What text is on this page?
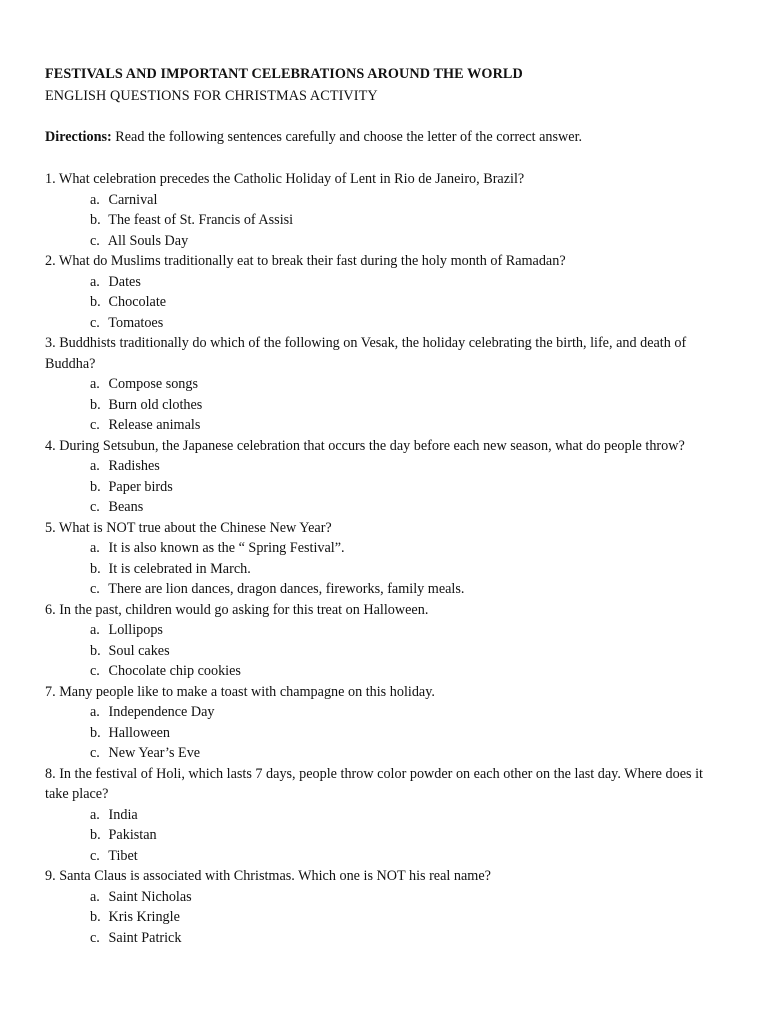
FESTIVALS AND IMPORTANT CELEBRATIONS AROUND THE WORLD
ENGLISH QUESTIONS FOR CHRISTMAS ACTIVITY
Directions: Read the following sentences carefully and choose the letter of the correct answer.

1. What celebration precedes the Catholic Holiday of Lent in Rio de Janeiro, Brazil?

a. Carnival
b. The feast of St. Francis of Assisi
c. All Souls Day

2. What do Muslims traditionally eat to break their fast during the holy month of Ramadan?

a. Dates
b. Chocolate
c. Tomatoes

3. Buddhists traditionally do which of the following on Vesak, the holiday celebrating the birth, life, and death of Buddha?

a. Compose songs
b. Burn old clothes
c. Release animals

4. During Setsubun, the Japanese celebration that occurs the day before each new season, what do people throw?

a. Radishes
b. Paper birds
c. Beans

5. What is NOT true about the Chinese New Year?

a. It is also known as the “ Spring Festival”.
b. It is celebrated in March.
c. There are lion dances, dragon dances, fireworks, family meals.

6. In the past, children would go asking for this treat on Halloween.

a. Lollipops
b. Soul cakes
c. Chocolate chip cookies

7. Many people like to make a toast with champagne on this holiday.

a. Independence Day
b. Halloween
c. New Year’s Eve

8. In the festival of Holi, which lasts 7 days, people throw color powder on each other on the last day. Where does it take place?

a. India
b. Pakistan
c. Tibet

9. Santa Claus is associated with Christmas. Which one is NOT his real name?

a. Saint Nicholas
b. Kris Kringle
c. Saint Patrick
